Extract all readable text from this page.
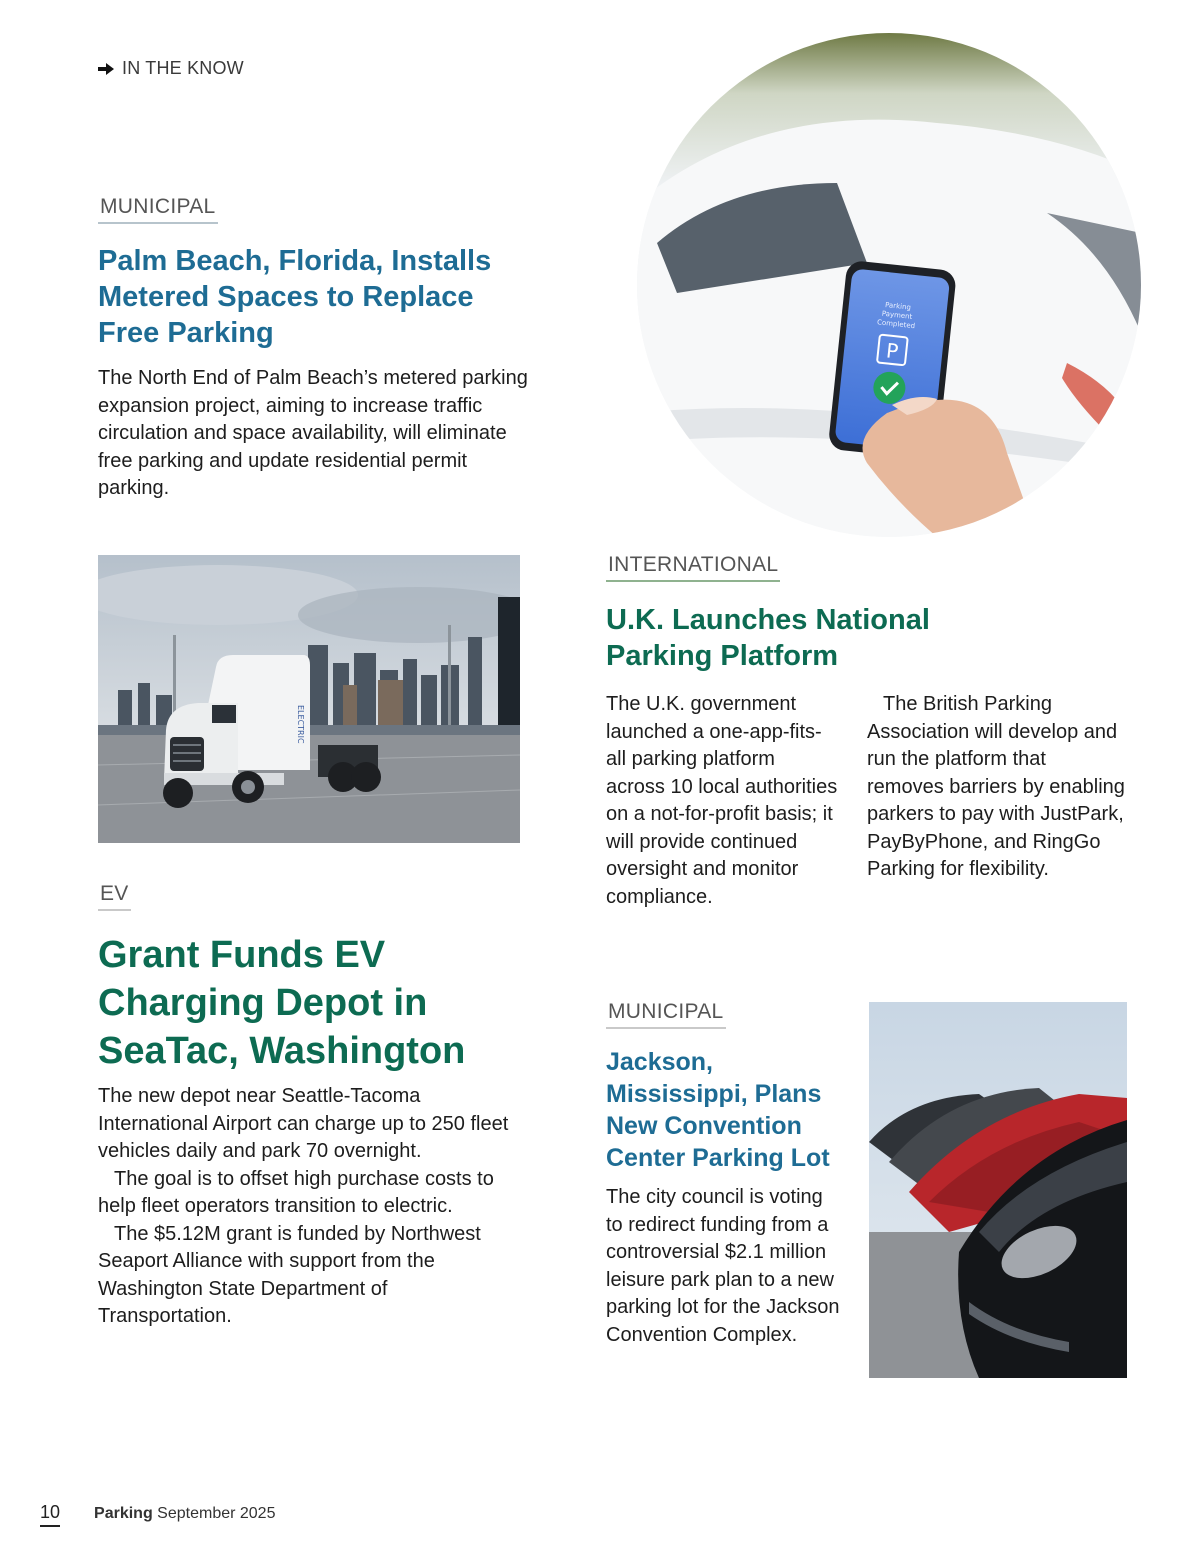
IN THE KNOW
MUNICIPAL
Palm Beach, Florida, Installs Metered Spaces to Replace Free Parking

The North End of Palm Beach’s metered parking expansion project, aiming to increase traffic circulation and space availability, will eliminate free parking and update residential permit parking.

Parking
Payment
Completed
P
ELECTRIC
INTERNATIONAL
U.K. Launches National Parking Platform

The U.K. government launched a one-app-fits-all parking platform across 10 local authorities on a not-for-profit basis; it will provide continued oversight and monitor compliance.

The British Parking Association will develop and run the platform that removes barriers by enabling parkers to pay with JustPark, PayByPhone, and RingGo Parking for flexibility.

EV
Grant Funds EV Charging Depot in SeaTac, Washington

The new depot near Seattle-Tacoma International Airport can charge up to 250 fleet vehicles daily and park 70 overnight.

The goal is to offset high purchase costs to help fleet operators transition to electric.

The $5.12M grant is funded by Northwest Seaport Alliance with support from the Washington State Department of Transportation.

MUNICIPAL
Jackson, Mississippi, Plans New Convention Center Parking Lot

The city council is voting to redirect funding from a controversial $2.1 million leisure park plan to a new parking lot for the Jackson Convention Complex.

10 Parking September 2025
